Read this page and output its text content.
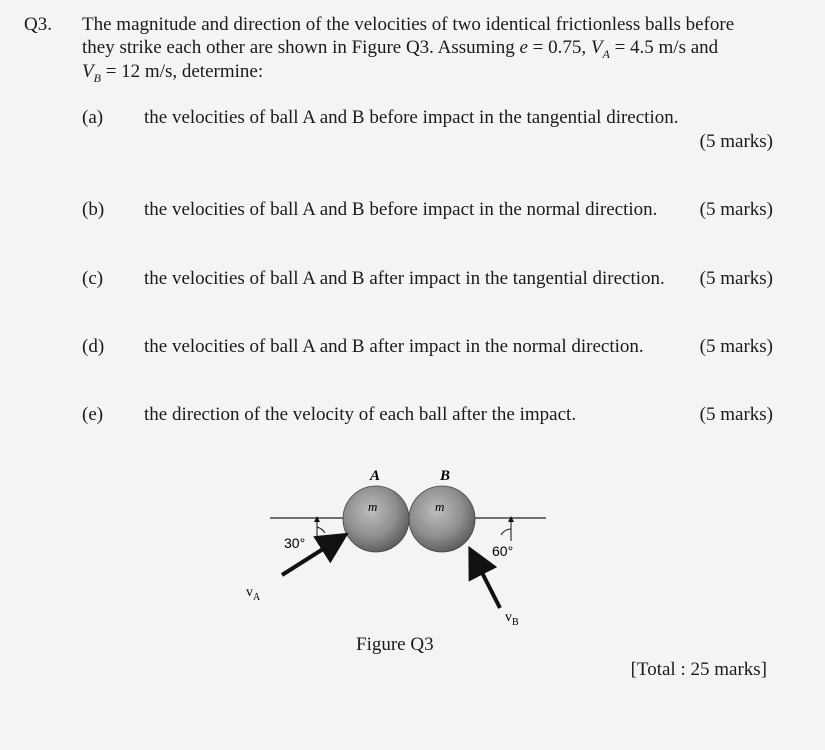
Q3. The magnitude and direction of the velocities of two identical frictionless balls before
they strike each other are shown in Figure Q3. Assuming e = 0.75, $V_A = 4.5$ m/s and
$V_B = 12$ m/s, determine:
(a) the velocities of ball A and B before impact in the tangential direction.
(5 marks)
(b) the velocities of ball A and B before impact in the normal direction. (5 marks)
(c) the velocities of ball A and B after impact in the tangential direction. (5 marks)
(d) the velocities of ball A and B after impact in the normal direction.	(5 marks)
(e) the direction of the velocity of each ball after the impact.	(5 marks)
A	B
m	m
30°	60°
$v_A$
$v_B$
Figure Q3
[Total : 25 marks]
